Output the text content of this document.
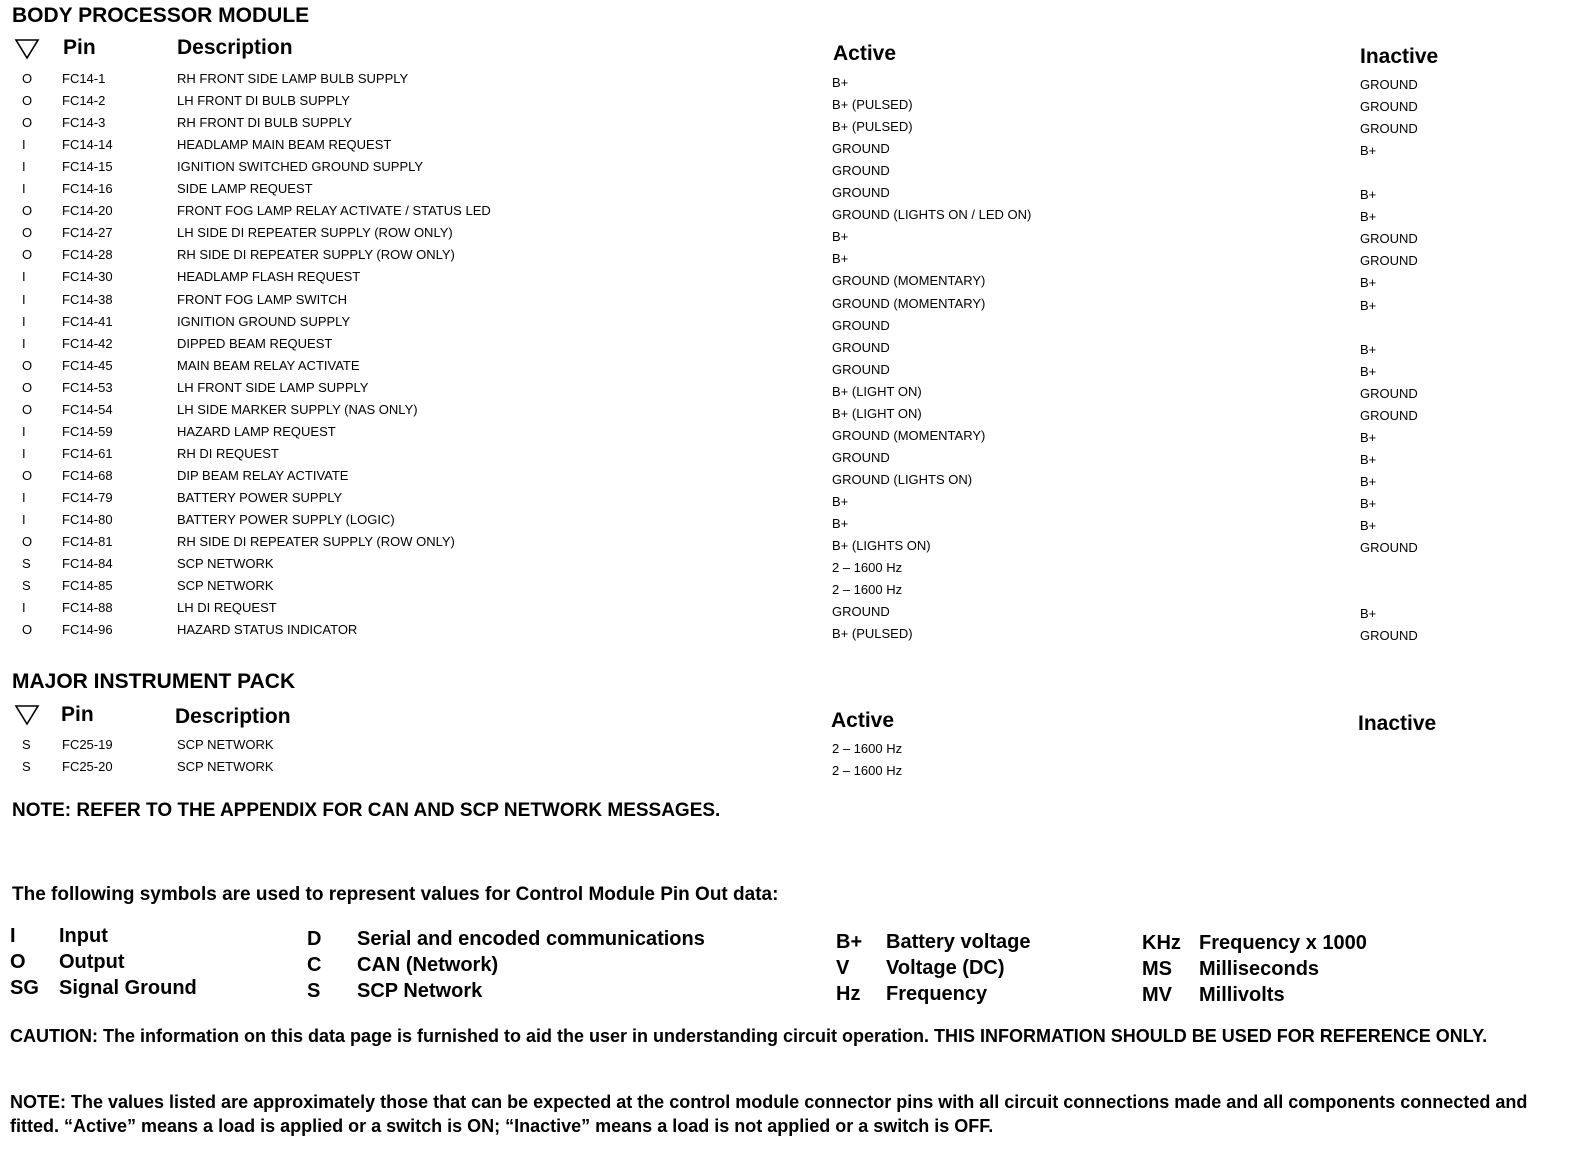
BODY PROCESSOR MODULE
Pin	Description	Active	Inactive
O FC14-1	RH FRONT SIDE LAMP BULB SUPPLY	B+	GROUND
O FC14-2	LH FRONT DI BULB SUPPLY	B+ (PULSED)	GROUND
O FC14-3	RH FRONT DI BULB SUPPLY	B+ (PULSED)	GROUND
I	FC14-14	HEADLAMP MAIN BEAM REQUEST	GROUND	B+
I	FC14-15	IGNITION SWITCHED GROUND SUPPLY	GROUND
I	FC14-16	SIDE LAMP REQUEST	GROUND	B+
O FC14-20	FRONT FOG LAMP RELAY ACTIVATE / STATUS LED	GROUND (LIGHTS ON / LED ON)	B+
O FC14-27	LH SIDE DI REPEATER SUPPLY (ROW ONLY)	B+	GROUND
O FC14-28	RH SIDE DI REPEATER SUPPLY (ROW ONLY)	B+	GROUND
I	FC14-30	HEADLAMP FLASH REQUEST	GROUND (MOMENTARY)	B+
I	FC14-38	FRONT FOG LAMP SWITCH	GROUND (MOMENTARY)	B+
I	FC14-41	IGNITION GROUND SUPPLY	GROUND
I	FC14-42	DIPPED BEAM REQUEST	GROUND	B+
O FC14-45	MAIN BEAM RELAY ACTIVATE	GROUND	B+
O FC14-53	LH FRONT SIDE LAMP SUPPLY	B+ (LIGHT ON)	GROUND
O FC14-54	LH SIDE MARKER SUPPLY (NAS ONLY)	B+ (LIGHT ON)	GROUND
I	FC14-59	HAZARD LAMP REQUEST	GROUND (MOMENTARY)	B+
I	FC14-61	RH DI REQUEST	GROUND	B+
O FC14-68	DIP BEAM RELAY ACTIVATE	GROUND (LIGHTS ON)	B+
I	FC14-79	BATTERY POWER SUPPLY	B+	B+
I	FC14-80	BATTERY POWER SUPPLY (LOGIC)	B+	B+
O FC14-81	RH SIDE DI REPEATER SUPPLY (ROW ONLY)	B+ (LIGHTS ON)	GROUND
S FC14-84	SCP NETWORK	2 – 1600 Hz
S FC14-85	SCP NETWORK	2 – 1600 Hz
I	FC14-88	LH DI REQUEST	GROUND	B+
O FC14-96	HAZARD STATUS INDICATOR	B+ (PULSED)	GROUND
MAJOR INSTRUMENT PACK
Pin	Description	Active	Inactive
S FC25-19	SCP NETWORK	2 – 1600 Hz
S FC25-20	SCP NETWORK	2 – 1600 Hz
NOTE: REFER TO THE APPENDIX FOR CAN AND SCP NETWORK MESSAGES.
The following symbols are used to represent values for Control Module Pin Out data:
I Input
O Output
SG Signal Ground
D Serial and encoded communications
C CAN (Network)
S SCP Network
B+ Battery voltage
V Voltage (DC)
Hz Frequency
KHz Frequency x 1000
MS Milliseconds
MV Millivolts
CAUTION: The information on this data page is furnished to aid the user in understanding circuit operation. THIS INFORMATION SHOULD BE USED FOR REFERENCE ONLY.
NOTE: The values listed are approximately those that can be expected at the control module connector pins with all circuit connections made and all components connected and fitted. “Active” means a load is applied or a switch is ON; “Inactive” means a load is not applied or a switch is OFF.
